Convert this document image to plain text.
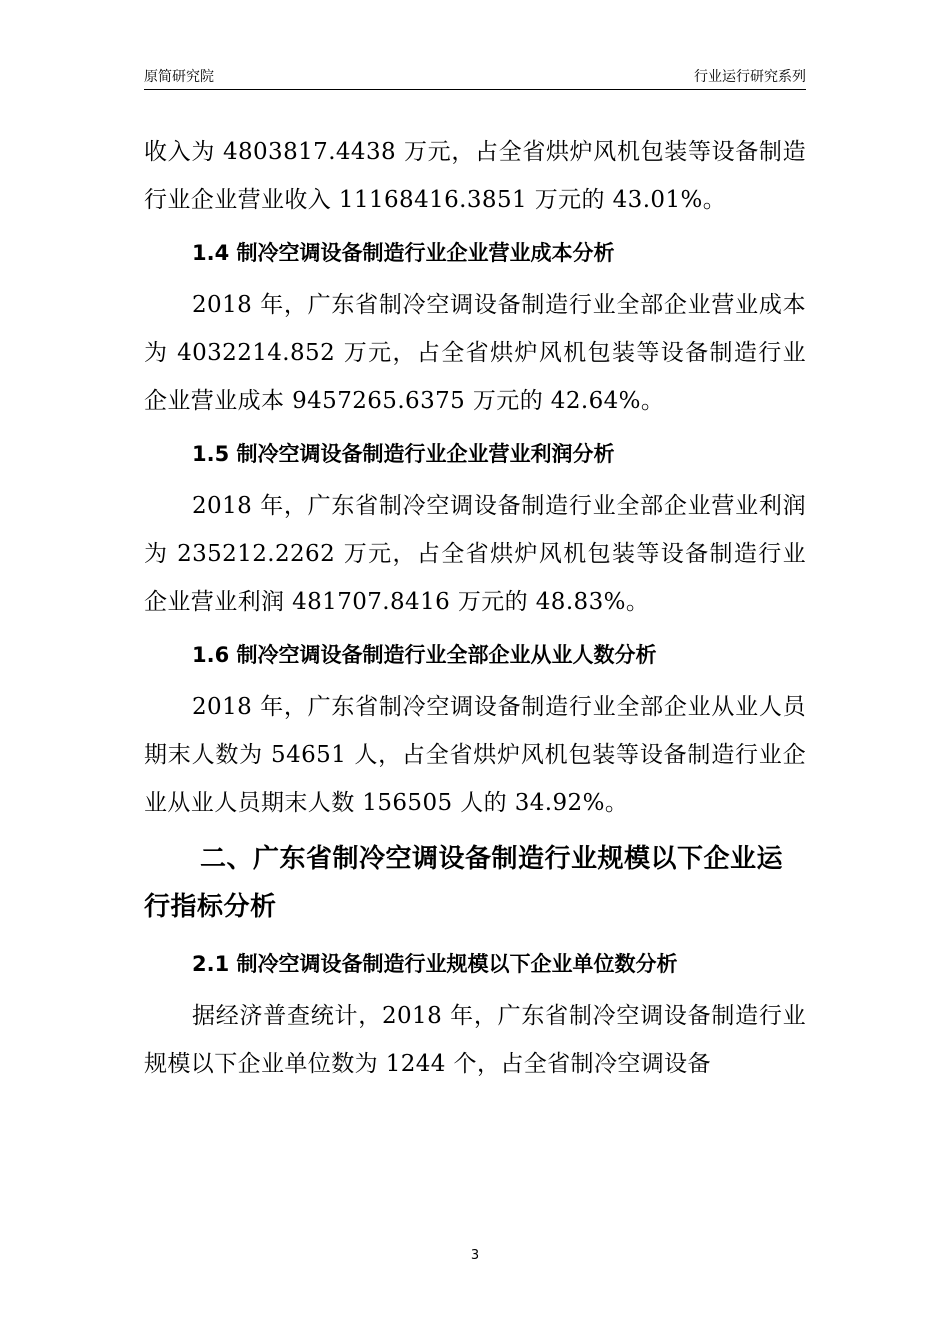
原简研究院	行业运行研究系列

收入为 4803817.4438 万元，占全省烘炉风机包装等设备制造行业企业营业收入 11168416.3851 万元的 43.01%。

1.4 制冷空调设备制造行业企业营业成本分析

2018 年，广东省制冷空调设备制造行业全部企业营业成本为 4032214.852 万元，占全省烘炉风机包装等设备制造行业企业营业成本 9457265.6375 万元的 42.64%。

1.5 制冷空调设备制造行业企业营业利润分析

2018 年，广东省制冷空调设备制造行业全部企业营业利润为 235212.2262 万元，占全省烘炉风机包装等设备制造行业企业营业利润 481707.8416 万元的 48.83%。

1.6 制冷空调设备制造行业全部企业从业人数分析

2018 年，广东省制冷空调设备制造行业全部企业从业人员期末人数为 54651 人，占全省烘炉风机包装等设备制造行业企业从业人员期末人数 156505 人的 34.92%。

二、广东省制冷空调设备制造行业规模以下企业运行指标分析
2.1 制冷空调设备制造行业规模以下企业单位数分析

据经济普查统计，2018 年，广东省制冷空调设备制造行业规模以下企业单位数为 1244 个，占全省制冷空调设备

3
